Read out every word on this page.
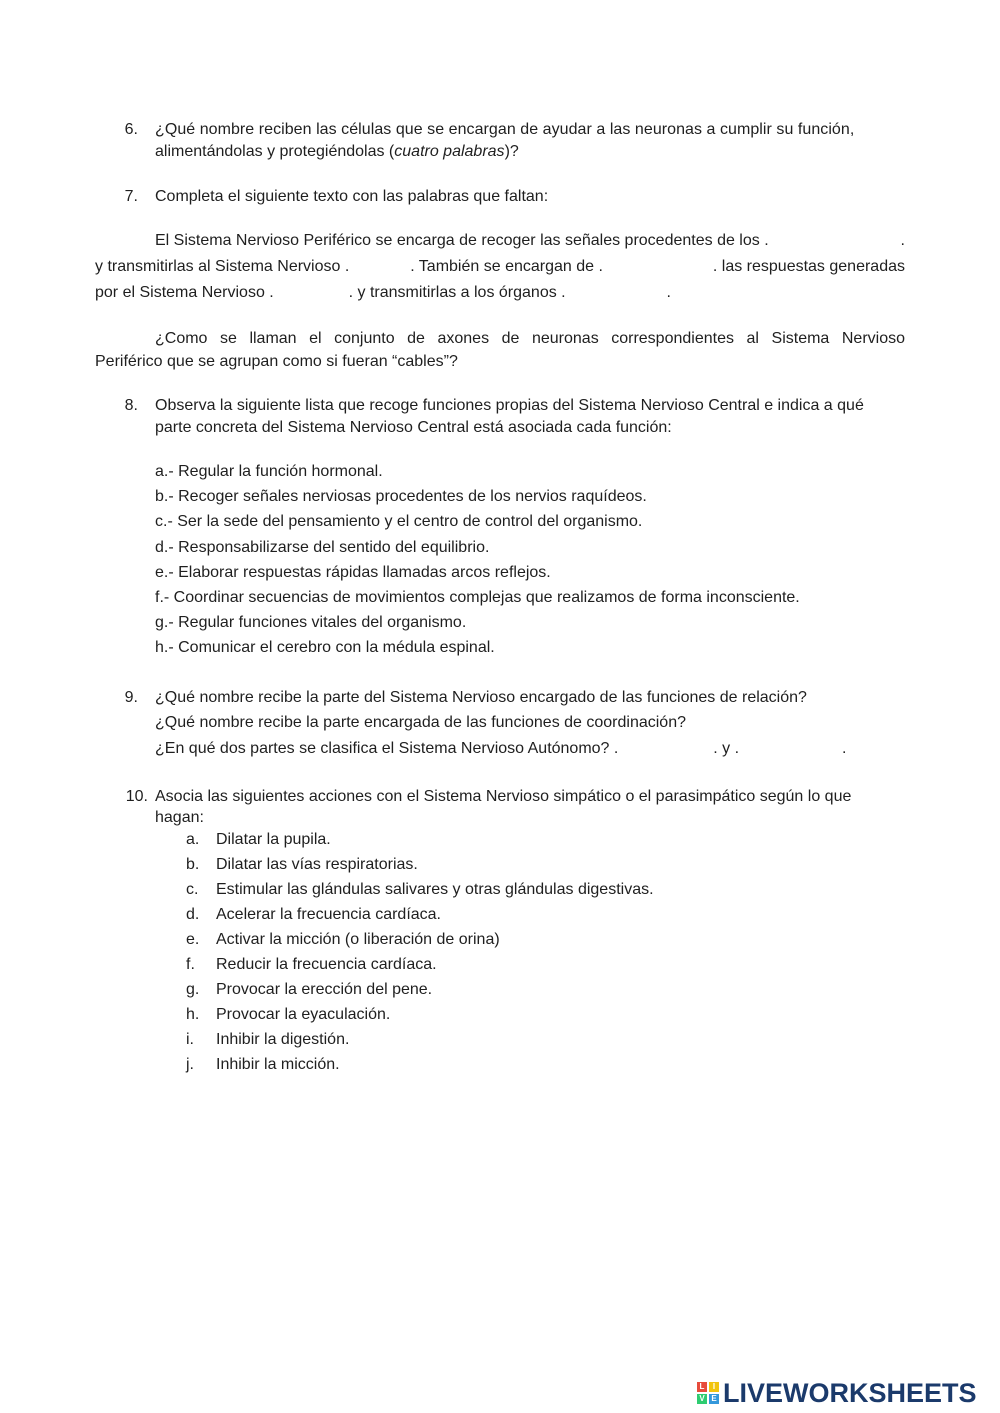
6. ¿Qué nombre reciben las células que se encargan de ayudar a las neuronas a cumplir su función,
alimentándolas y protegiéndolas (cuatro palabras)?
7. Completa el siguiente texto con las palabras que faltan:
El Sistema Nervioso Periférico se encarga de recoger las señales procedentes de los .	.
y transmitirlas al Sistema Nervioso .	. También se encargan de .	. las respuestas generadas
por el Sistema Nervioso .	. y transmitirlas a los órganos .	.
¿Como se llaman el conjunto de axones de neuronas correspondientes al Sistema Nervioso
Periférico que se agrupan como si fueran “cables”?
8. Observa la siguiente lista que recoge funciones propias del Sistema Nervioso Central e indica a qué
parte concreta del Sistema Nervioso Central está asociada cada función:
a.- Regular la función hormonal.
b.- Recoger señales nerviosas procedentes de los nervios raquídeos.
c.- Ser la sede del pensamiento y el centro de control del organismo.
d.- Responsabilizarse del sentido del equilibrio.
e.- Elaborar respuestas rápidas llamadas arcos reflejos.
f.- Coordinar secuencias de movimientos complejas que realizamos de forma inconsciente.
g.- Regular funciones vitales del organismo.
h.- Comunicar el cerebro con la médula espinal.
9. ¿Qué nombre recibe la parte del Sistema Nervioso encargado de las funciones de relación?
¿Qué nombre recibe la parte encargada de las funciones de coordinación?
¿En qué dos partes se clasifica el Sistema Nervioso Autónomo? .	. y .	.
10. Asocia las siguientes acciones con el Sistema Nervioso simpático o el parasimpático según lo que
hagan:
a. Dilatar la pupila.
b. Dilatar las vías respiratorias.
c. Estimular las glándulas salivares y otras glándulas digestivas.
d. Acelerar la frecuencia cardíaca.
e. Activar la micción (o liberación de orina)
f. Reducir la frecuencia cardíaca.
g. Provocar la erección del pene.
h. Provocar la eyaculación.
i. Inhibir la digestión.
j. Inhibir la micción.
L	I
V E LIVEWORKSHEETS
